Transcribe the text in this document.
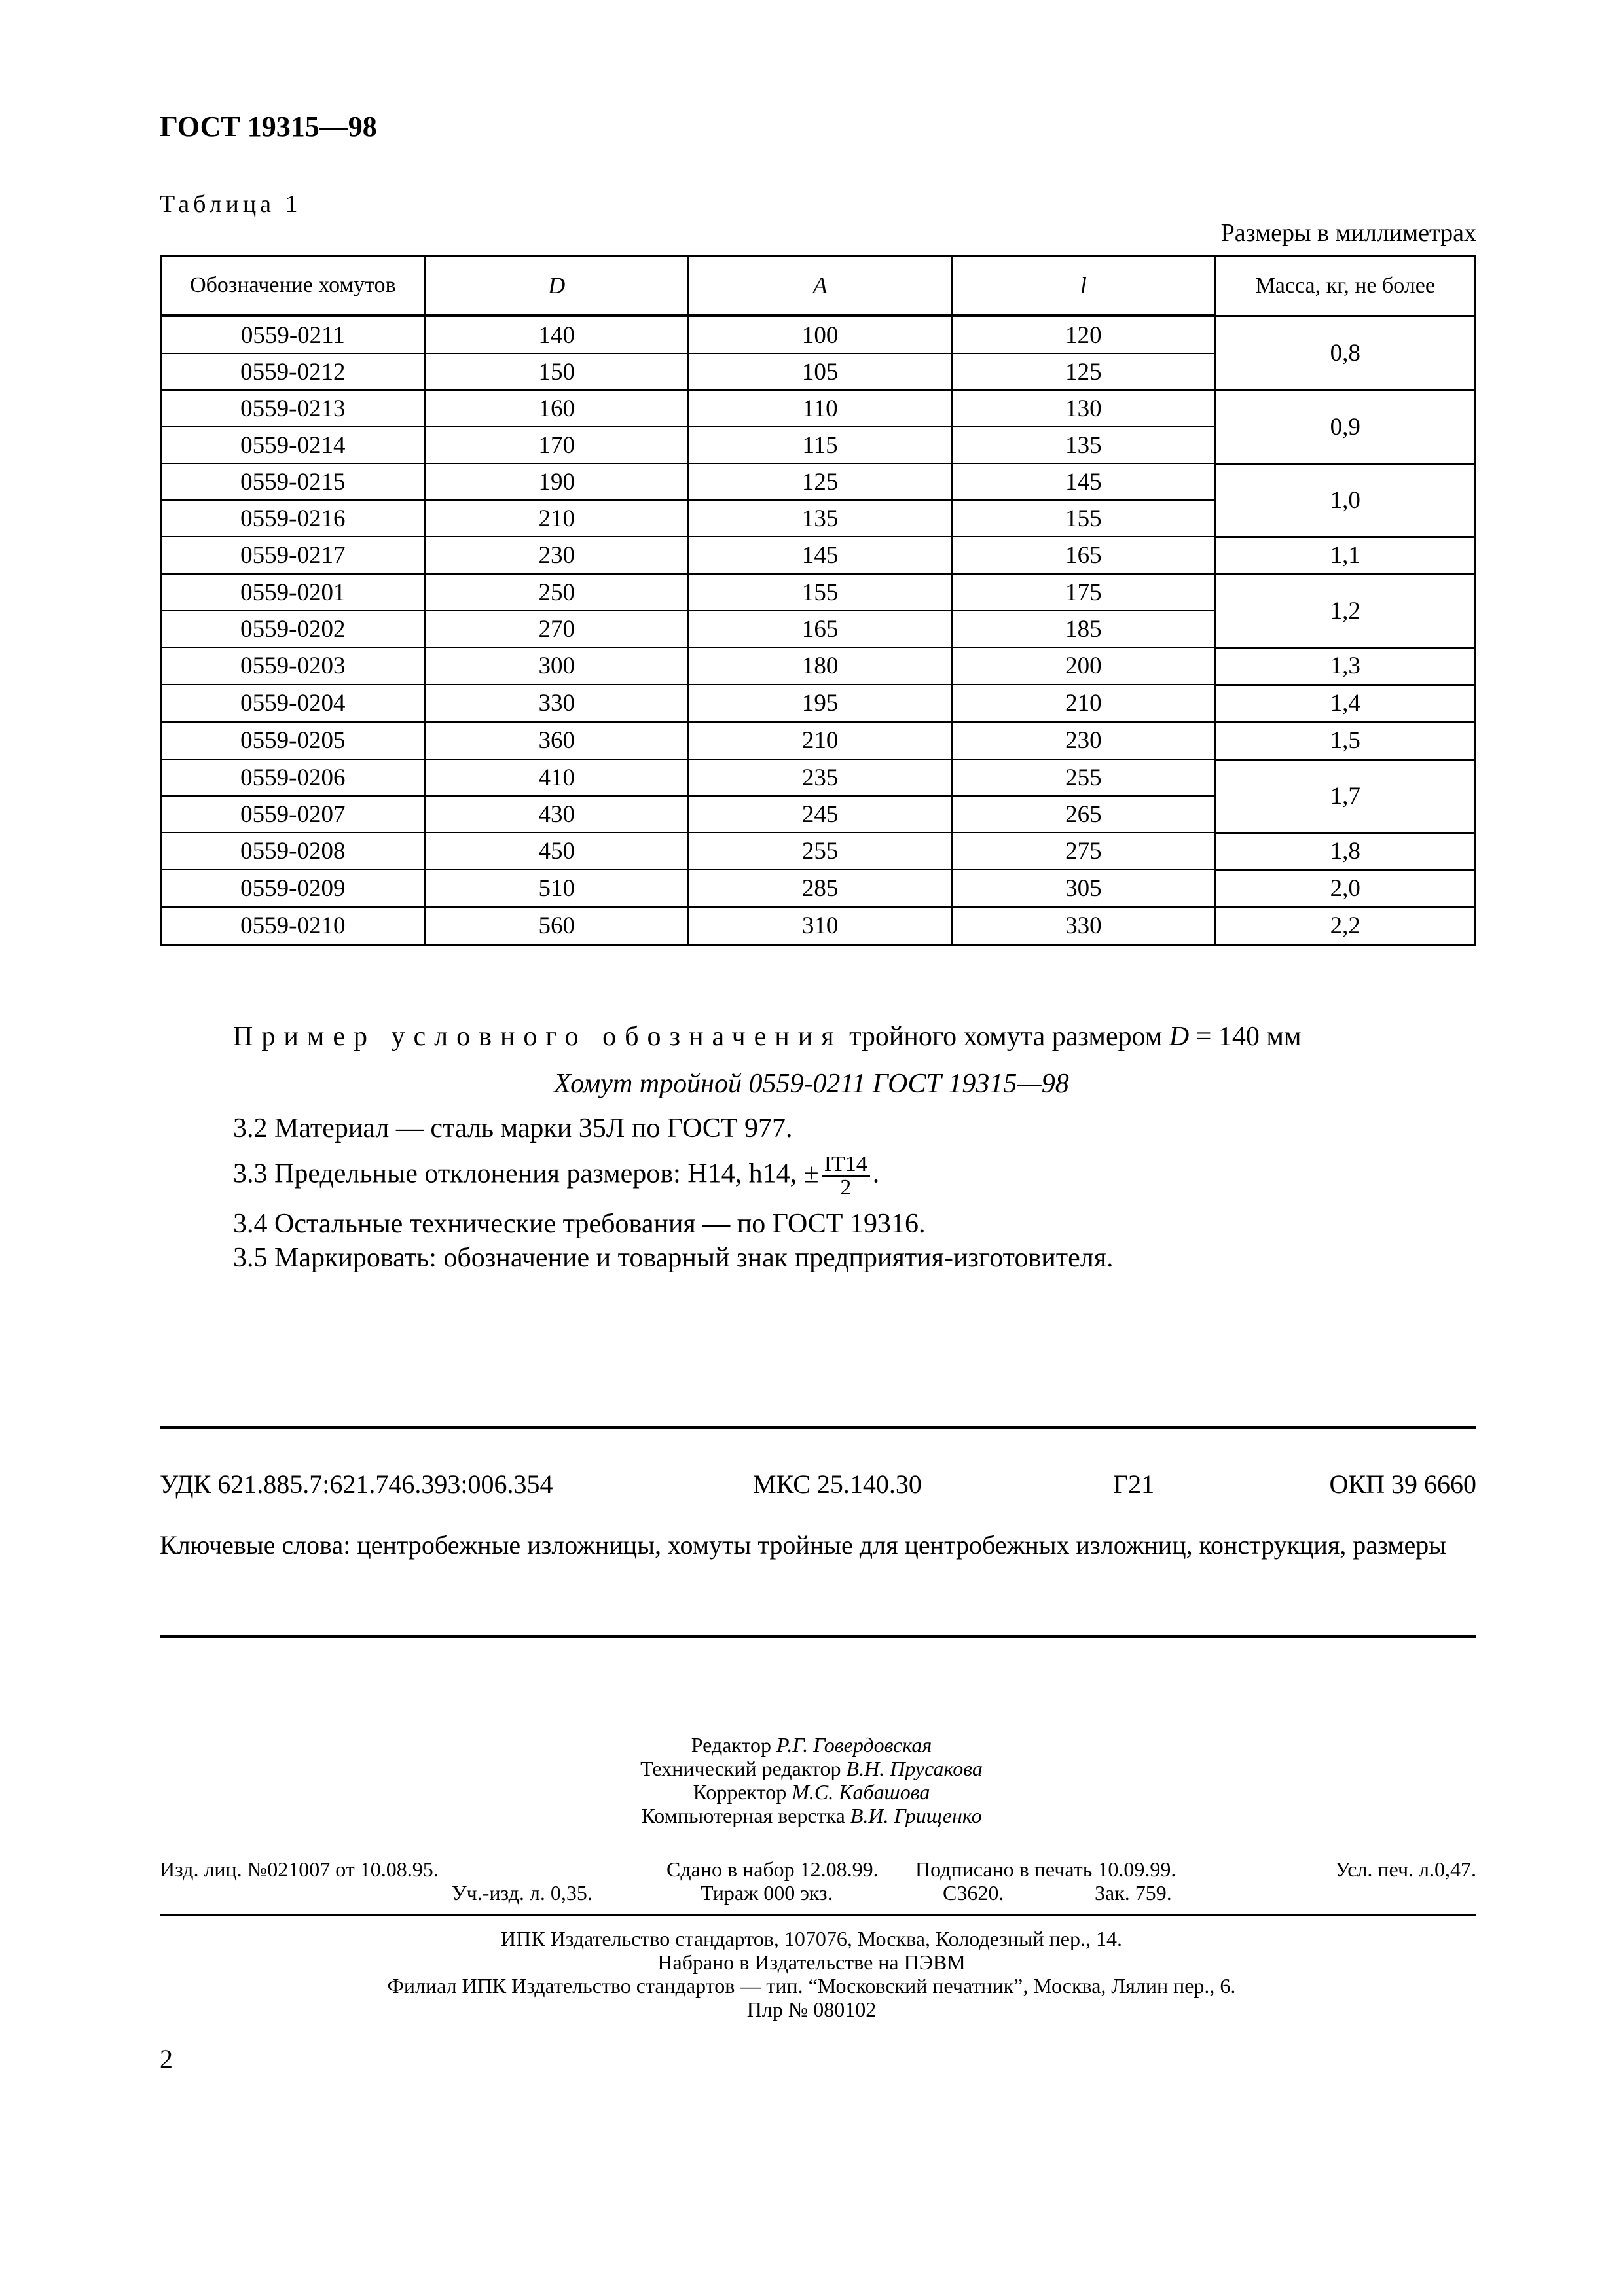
ГОСТ 19315—98
Таблица 1
Размеры в миллиметрах
Обозначение хомутов	D	A	l	Масса, кг, не более
0559-0211	140	100	120	0,8
0559-0212	150	105	125	
0559-0213	160	110	130	0,9
0559-0214	170	115	135	
0559-0215	190	125	145	1,0
0559-0216	210	135	155	
0559-0217	230	145	165	1,1
0559-0201	250	155	175	1,2
0559-0202	270	165	185	
0559-0203	300	180	200	1,3
0559-0204	330	195	210	1,4
0559-0205	360	210	230	1,5
0559-0206	410	235	255	1,7
0559-0207	430	245	265	
0559-0208	450	255	275	1,8
0559-0209	510	285	305	2,0
0559-0210	560	310	330	2,2
Пример условного обозначения тройного хомута размером D = 140 мм
Хомут тройной 0559-0211 ГОСТ 19315—98
3.2 Материал — сталь марки 35Л по ГОСТ 977.
3.3 Предельные отклонения размеров: Н14, h14, ± $\frac{IT14}{2}$ .
3.4 Остальные технические требования — по ГОСТ 19316.
3.5 Маркировать: обозначение и товарный знак предприятия-изготовителя.
УДК 621.885.7:621.746.393:006.354	МКС 25.140.30	Г21	ОКП 39 6660
Ключевые слова: центробежные изложницы, хомуты тройные для центробежных изложниц, конструкция, размеры
Редактор Р.Г. Говердовская
Технический редактор В.Н. Прусакова
Корректор М.С. Кабашова
Компьютерная верстка В.И. Грищенко
Изд. лиц. №021007 от 10.08.95.	Сдано в набор 12.08.99. Подписано в печать 10.09.99.	Усл. печ. л.0,47.
Уч.-изд. л. 0,35.	Тираж 000 экз.	С3620.	Зак. 759.
ИПК Издательство стандартов, 107076, Москва, Колодезный пер., 14.
Набрано в Издательстве на ПЭВМ
Филиал ИПК Издательство стандартов — тип. “Московский печатник”, Москва, Лялин пер., 6.
Плр № 080102
2
